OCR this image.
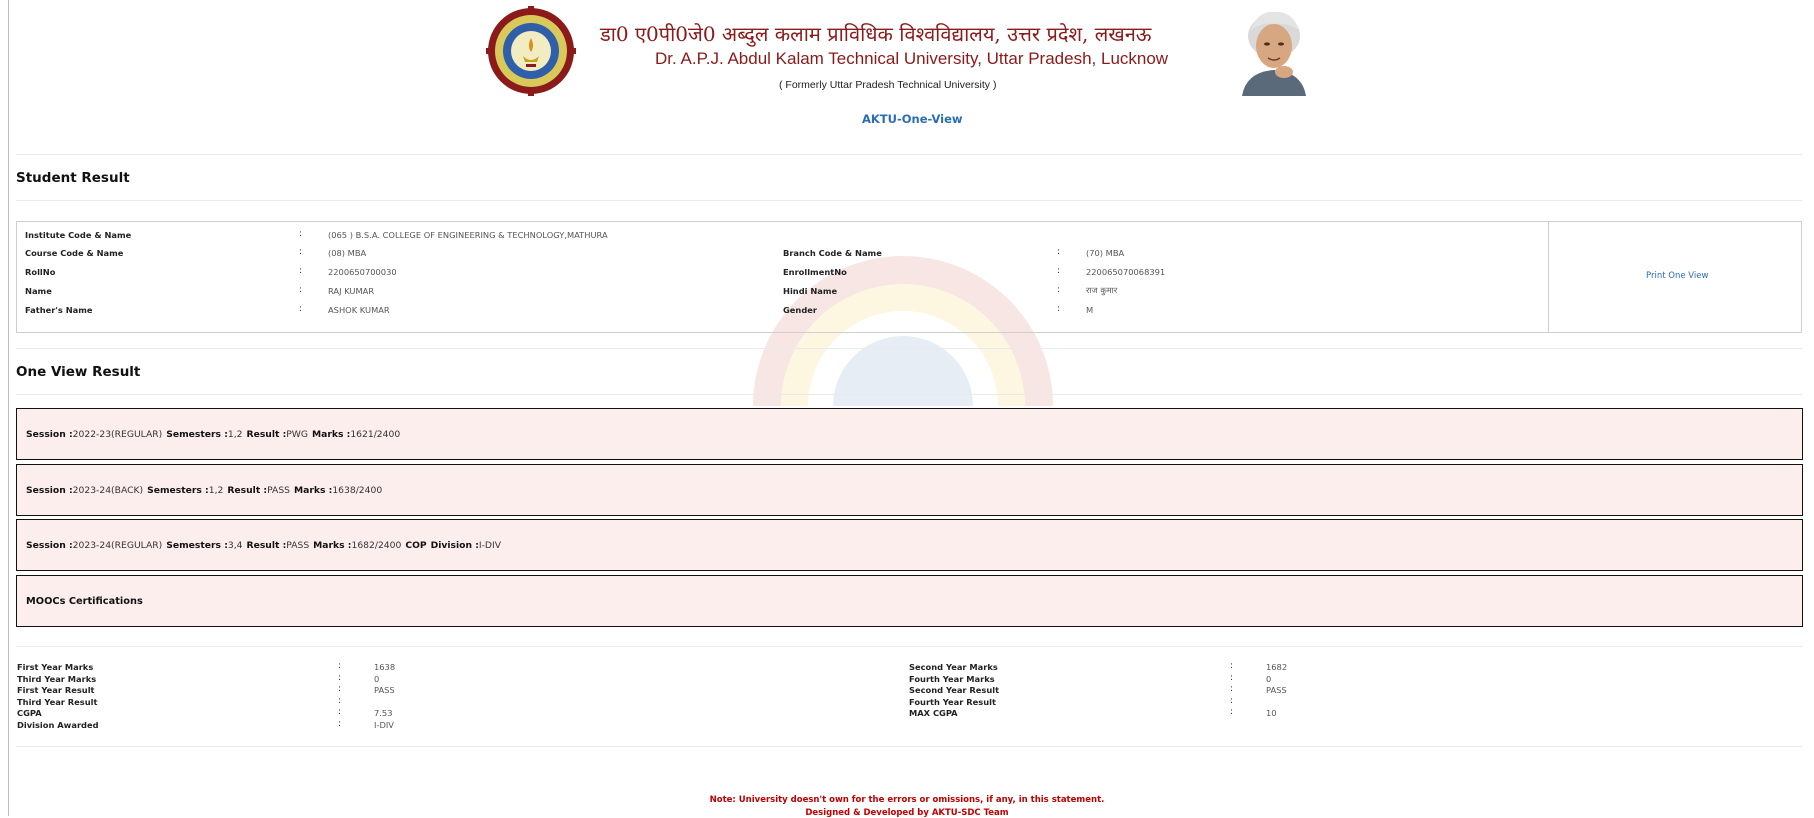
डा0 ए0पी0जे0 अब्दुल कलाम प्राविधिक विश्वविद्यालय, उत्तर प्रदेश, लखनऊ
Dr. A.P.J. Abdul Kalam Technical University, Uttar Pradesh, Lucknow
( Formerly Uttar Pradesh Technical University )
AKTU-One-View
Student Result
Institute Code & Name	:	(065 ) B.S.A. COLLEGE OF ENGINEERING & TECHNOLOGY,MATHURA
Course Code & Name	:	(08) MBA
RollNo	:	2200650700030
Name	:	RAJ KUMAR
Father's Name	:	ASHOK KUMAR
Branch Code & Name	:	(70) MBA
EnrollmentNo	:	220065070068391
Hindi Name	:	राज कुमार
Gender	:	M
Print One View
One View Result
Session : 2022-23(REGULAR) Semesters : 1,2 Result : PWG Marks : 1621/2400
Session : 2023-24(BACK) Semesters : 1,2 Result : PASS Marks : 1638/2400
Session : 2023-24(REGULAR) Semesters : 3,4 Result : PASS Marks : 1682/2400 COP Division : I-DIV
MOOCs Certifications
First Year Marks	:	1638
Third Year Marks	:	0
First Year Result	:	PASS
Third Year Result	:
CGPA	:	7.53
Division Awarded	:	I-DIV
Second Year Marks	:	1682
Fourth Year Marks	:	0
Second Year Result	:	PASS
Fourth Year Result	:
MAX CGPA	:	10
Note: University doesn't own for the errors or omissions, if any, in this statement.
Designed & Developed by AKTU-SDC Team
